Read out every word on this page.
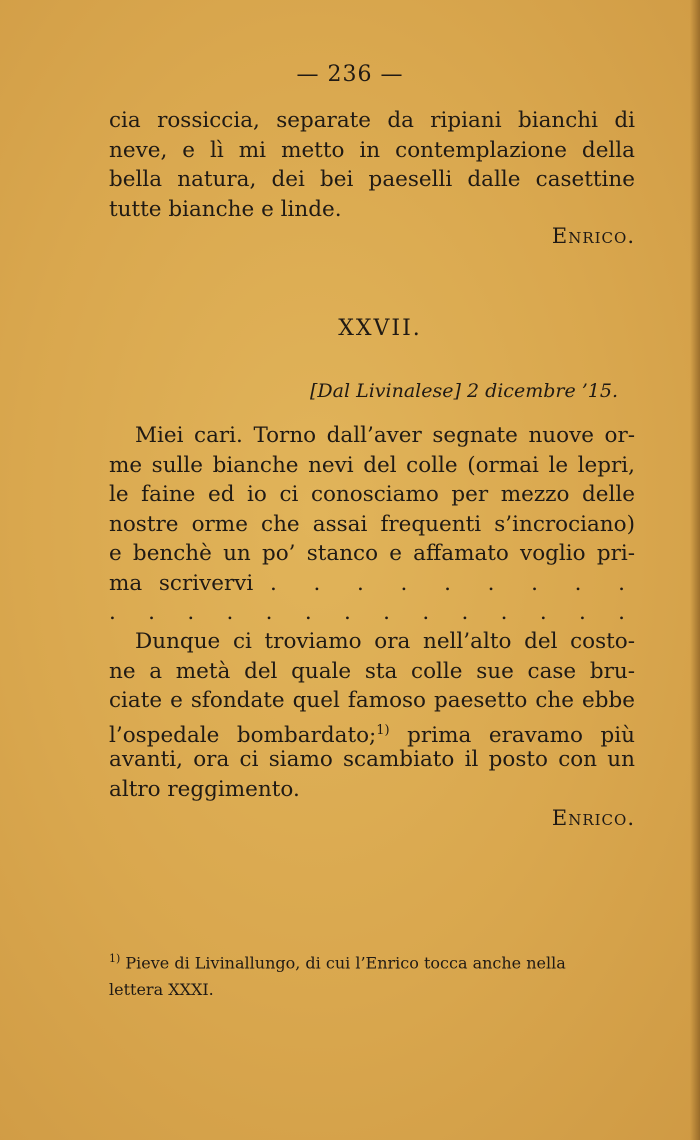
— 236 —
cia rossiccia, separate da ripiani bianchi di
neve, e lì mi metto in contemplazione della
bella natura, dei bei paeselli dalle casettine
tutte bianche e linde.
Enrico.
XXVII.
[Dal Livinalese] 2 dicembre ’15.
Miei cari. Torno dall’aver segnate nuove or-
me sulle bianche nevi del colle (ormai le lepri,
le faine ed io ci conosciamo per mezzo delle
nostre orme che assai frequenti s’incrociano)
e benchè un po’ stanco e affamato voglio pri-
ma scrivervi . . . . . . . . .
. . . . . . . . . . . . . .
Dunque ci troviamo ora nell’alto del costo-
ne a metà del quale sta colle sue case bru-
ciate e sfondate quel famoso paesetto che ebbe
l’ospedale bombardato;$^{1)}$ prima eravamo più
avanti, ora ci siamo scambiato il posto con un
altro reggimento.
Enrico.
$^{1)}$ Pieve di Livinallungo, di cui l’Enrico tocca anche nella
lettera XXXI.
